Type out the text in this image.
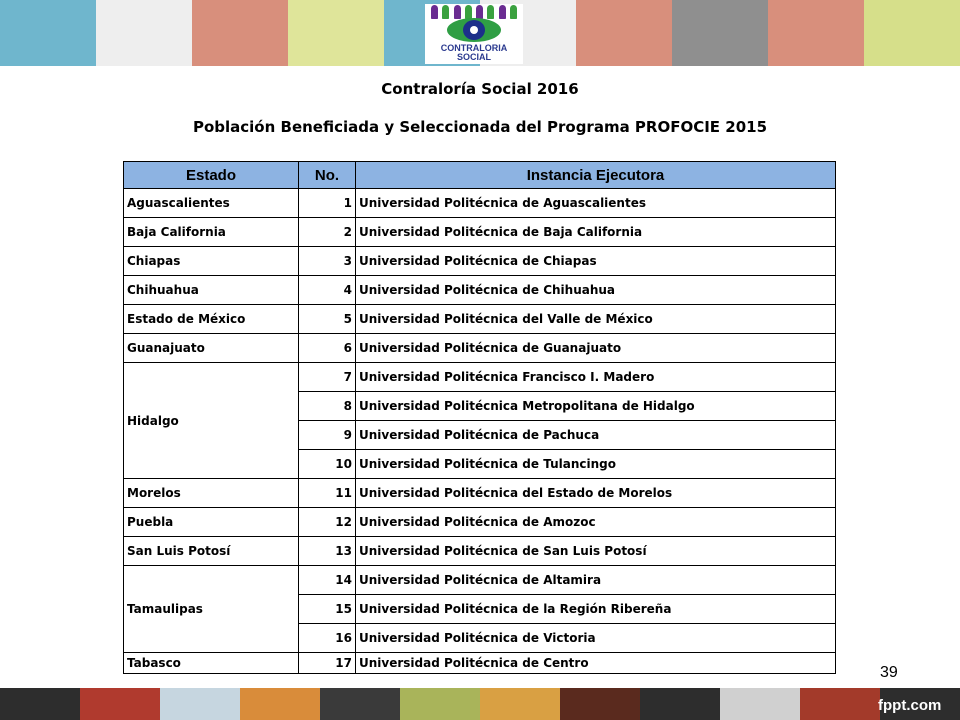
CONTRALORIA
SOCIAL
Contraloría Social 2016
Población Beneficiada y Seleccionada del Programa PROFOCIE 2015
Estado	No.	Instancia Ejecutora
Aguascalientes	1	Universidad Politécnica de Aguascalientes
Baja California	2	Universidad Politécnica de Baja California
Chiapas	3	Universidad Politécnica de Chiapas
Chihuahua	4	Universidad Politécnica de Chihuahua
Estado de México	5	Universidad Politécnica del Valle de México
Guanajuato	6	Universidad Politécnica de Guanajuato
Hidalgo	7	Universidad Politécnica Francisco I. Madero
	8	Universidad Politécnica Metropolitana de Hidalgo
	9	Universidad Politécnica de Pachuca
	10	Universidad Politécnica de Tulancingo
Morelos	11	Universidad Politécnica del Estado de Morelos
Puebla	12	Universidad Politécnica de Amozoc
San Luis Potosí	13	Universidad Politécnica de San Luis Potosí
Tamaulipas	14	Universidad Politécnica de Altamira
	15	Universidad Politécnica de la Región Ribereña
	16	Universidad Politécnica de Victoria
Tabasco	17	Universidad Politécnica de Centro
39
fppt.com
